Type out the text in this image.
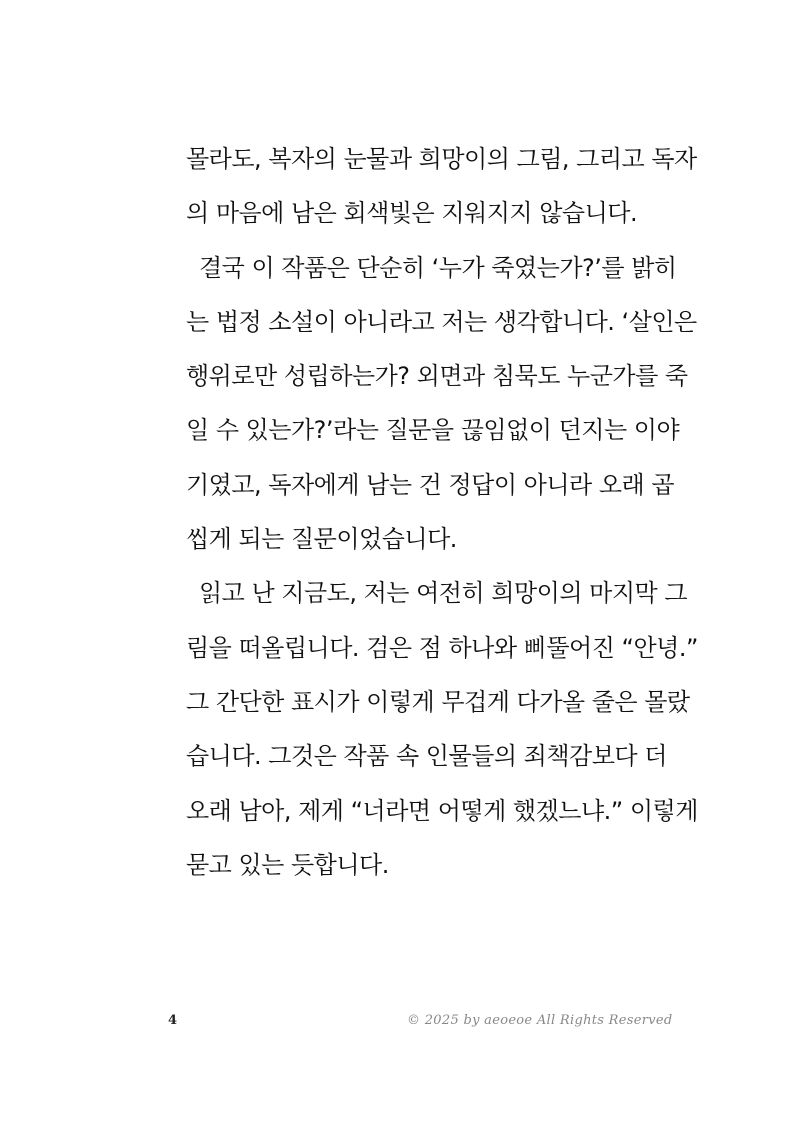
몰라도, 복자의 눈물과 희망이의 그림, 그리고 독자
의 마음에 남은 회색빛은 지워지지 않습니다.
결국 이 작품은 단순히 ‘누가 죽였는가?’를 밝히
는 법정 소설이 아니라고 저는 생각합니다. ‘살인은
행위로만 성립하는가? 외면과 침묵도 누군가를 죽
일 수 있는가?’라는 질문을 끊임없이 던지는 이야
기였고, 독자에게 남는 건 정답이 아니라 오래 곱
씹게 되는 질문이었습니다.
읽고 난 지금도, 저는 여전히 희망이의 마지막 그
림을 떠올립니다. 검은 점 하나와 삐뚤어진 “안녕.”
그 간단한 표시가 이렇게 무겁게 다가올 줄은 몰랐
습니다. 그것은 작품 속 인물들의 죄책감보다 더
오래 남아, 제게 “너라면 어떻게 했겠느냐.” 이렇게
묻고 있는 듯합니다.
4	© 2025 by aeoeoe All Rights Reserved
